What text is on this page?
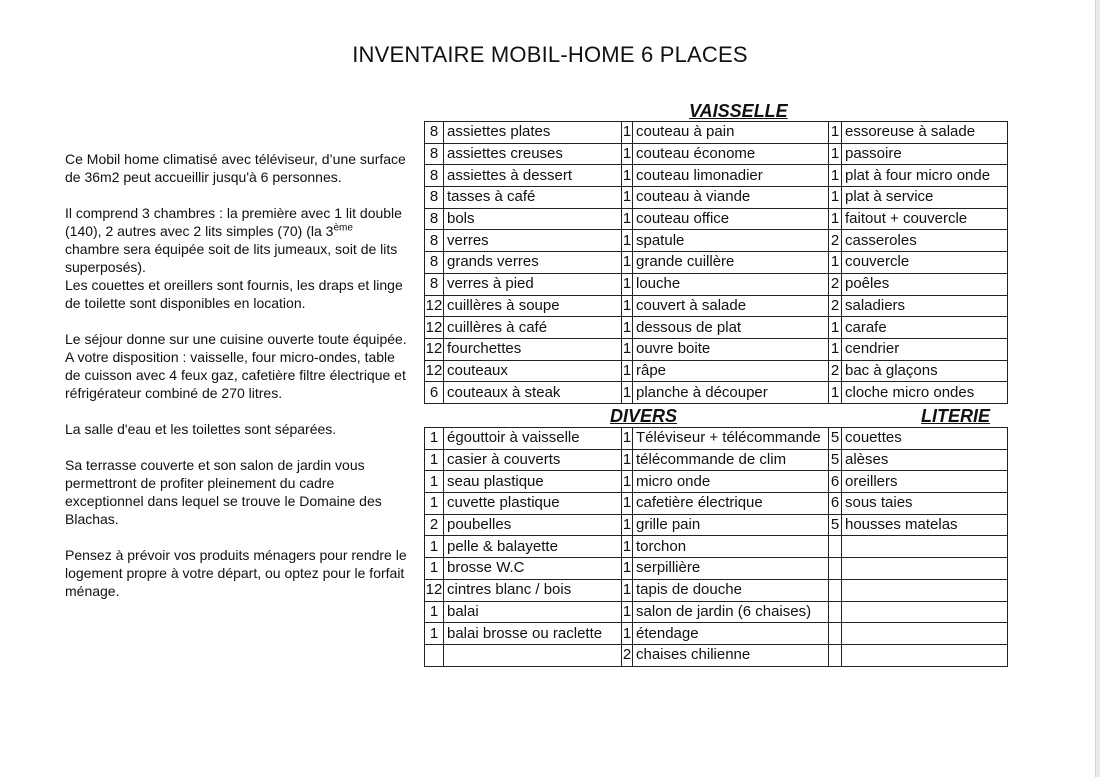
INVENTAIRE MOBIL-HOME 6 PLACES

Ce Mobil home climatisé avec téléviseur, d’une surface de 36m2 peut accueillir jusqu'à 6 personnes.

Il comprend 3 chambres : la première avec 1 lit double (140), 2 autres avec 2 lits simples (70) (la 3ème chambre sera équipée soit de lits jumeaux, soit de lits superposés).

Les couettes et oreillers sont fournis, les draps et linge de toilette sont disponibles en location.

Le séjour donne sur une cuisine ouverte toute équipée. A votre disposition : vaisselle, four micro-ondes, table de cuisson avec 4 feux gaz, cafetière filtre électrique et réfrigérateur combiné de 270 litres.

La salle d'eau et les toilettes sont séparées.

Sa terrasse couverte et son salon de jardin vous permettront de profiter pleinement du cadre exceptionnel dans lequel se trouve le Domaine des Blachas.

Pensez à prévoir vos produits ménagers pour rendre le logement propre à votre départ, ou optez pour le forfait ménage.

VAISSELLE
8	assiettes plates	1	couteau à pain	1	essoreuse à salade
8	assiettes creuses	1	couteau économe	1	passoire
8	assiettes à dessert	1	couteau limonadier	1	plat à four micro onde
8	tasses à café	1	couteau à viande	1	plat à service
8	bols	1	couteau office	1	faitout + couvercle
8	verres	1	spatule	2	casseroles
8	grands verres	1	grande cuillère	1	couvercle
8	verres à pied	1	louche	2	poêles
12	cuillères à soupe	1	couvert à salade	2	saladiers
12	cuillères à café	1	dessous de plat	1	carafe
12	fourchettes	1	ouvre boite	1	cendrier
12	couteaux	1	râpe	2	bac à glaçons
6	couteaux à steak	1	planche à découper	1	cloche micro ondes
DIVERS	LITERIE
1	égouttoir à vaisselle	1	Téléviseur + télécommande	5	couettes
1	casier à couverts	1	télécommande de clim	5	alèses
1	seau plastique	1	micro onde	6	oreillers
1	cuvette plastique	1	cafetière électrique	6	sous taies
2	poubelles	1	grille pain	5	housses matelas
1	pelle & balayette	1	torchon		
1	brosse W.C	1	serpillière		
12	cintres blanc / bois	1	tapis de douche		
1	balai	1	salon de jardin (6 chaises)		
1	balai brosse ou raclette	1	étendage		
		2	chaises chilienne		
